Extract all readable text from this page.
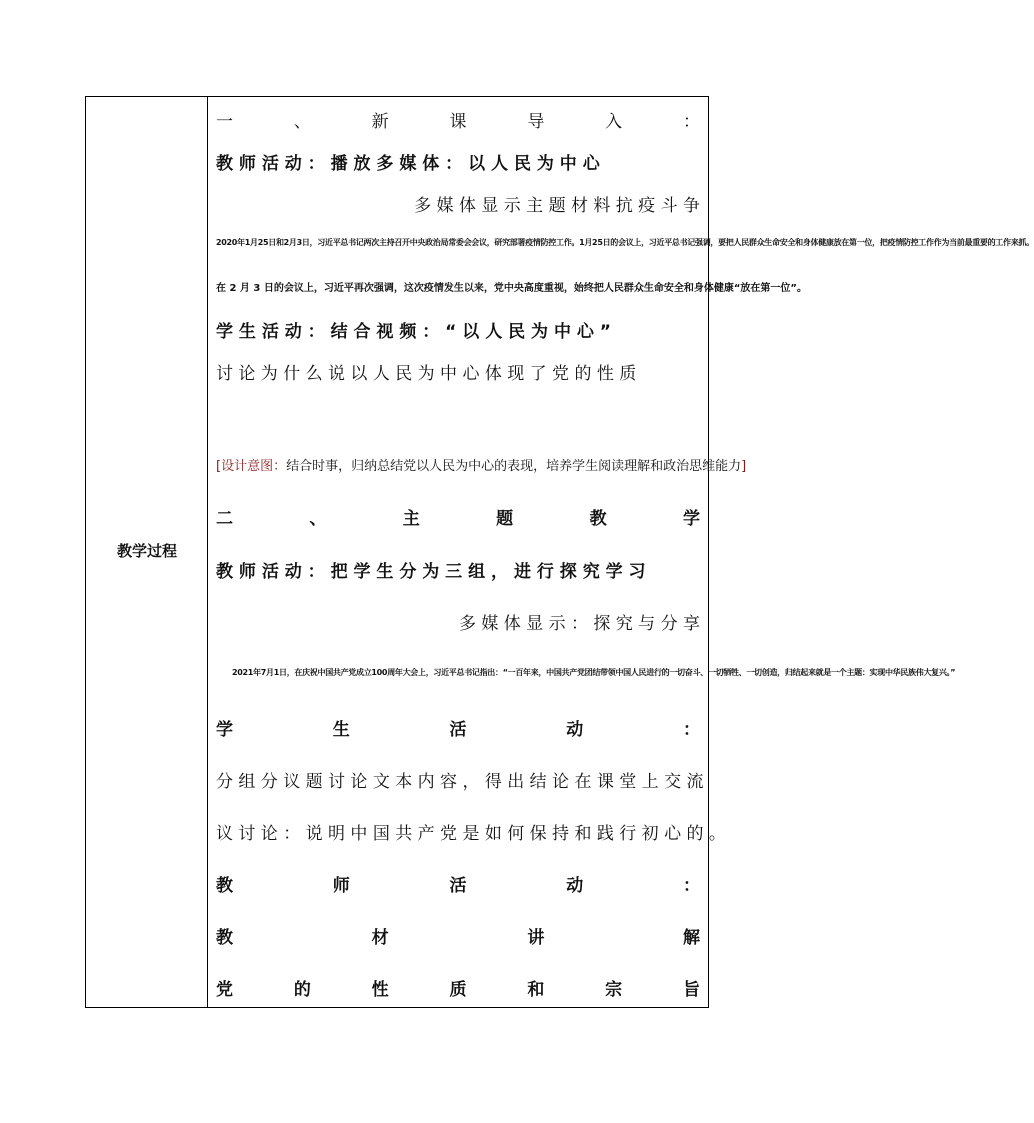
教学过程
一	、	新	课	导	入	：
教 师 活 动 ： 播 放 多 媒 体 ： 以 人 民 为 中 心
多 媒 体 显 示 主 题 材 料 抗 疫 斗 争
2020年1月25日和2月3日，习近平总书记两次主持召开中央政治局常委会会议，研究部署疫情防控工作。1月25日的会议上，习近平总书记强调，要把人民群众生命安全和身体健康放在第一位，把疫情防控工作作为当前最重要的工作来抓。
在 2 月 3 日的会议上，习近平再次强调，这次疫情发生以来，党中央高度重视，始终把人民群众生命安全和身体健康“放在第一位”。
学 生 活 动 ： 结 合 视 频 ： “ 以 人 民 为 中 心 ”
讨 论 为 什 么 说 以 人 民 为 中 心 体 现 了 党 的 性 质
[设计意图：结合时事，归纳总结党以人民为中心的表现，培养学生阅读理解和政治思维能力]
二	、	主	题	教	学
教 师 活 动 ： 把 学 生 分 为 三 组 ， 进 行 探 究 学 习
多 媒 体 显 示 ： 探 究 与 分 享
2021年7月1日，在庆祝中国共产党成立100周年大会上，习近平总书记指出：“一百年来，中国共产党团结带领中国人民进行的一切奋斗、一切牺牲、一切创造，归结起来就是一个主题：实现中华民族伟大复兴。”
学	生	活	动	：
分 组 分 议 题 讨 论 文 本 内 容 ， 得 出 结 论 在 课 堂 上 交 流
议 讨 论 ： 说 明 中 国 共 产 党 是 如 何 保 持 和 践 行 初 心 的 。
教	师	活	动	：
教	材	讲	解
党	的	性	质	和	宗	旨
